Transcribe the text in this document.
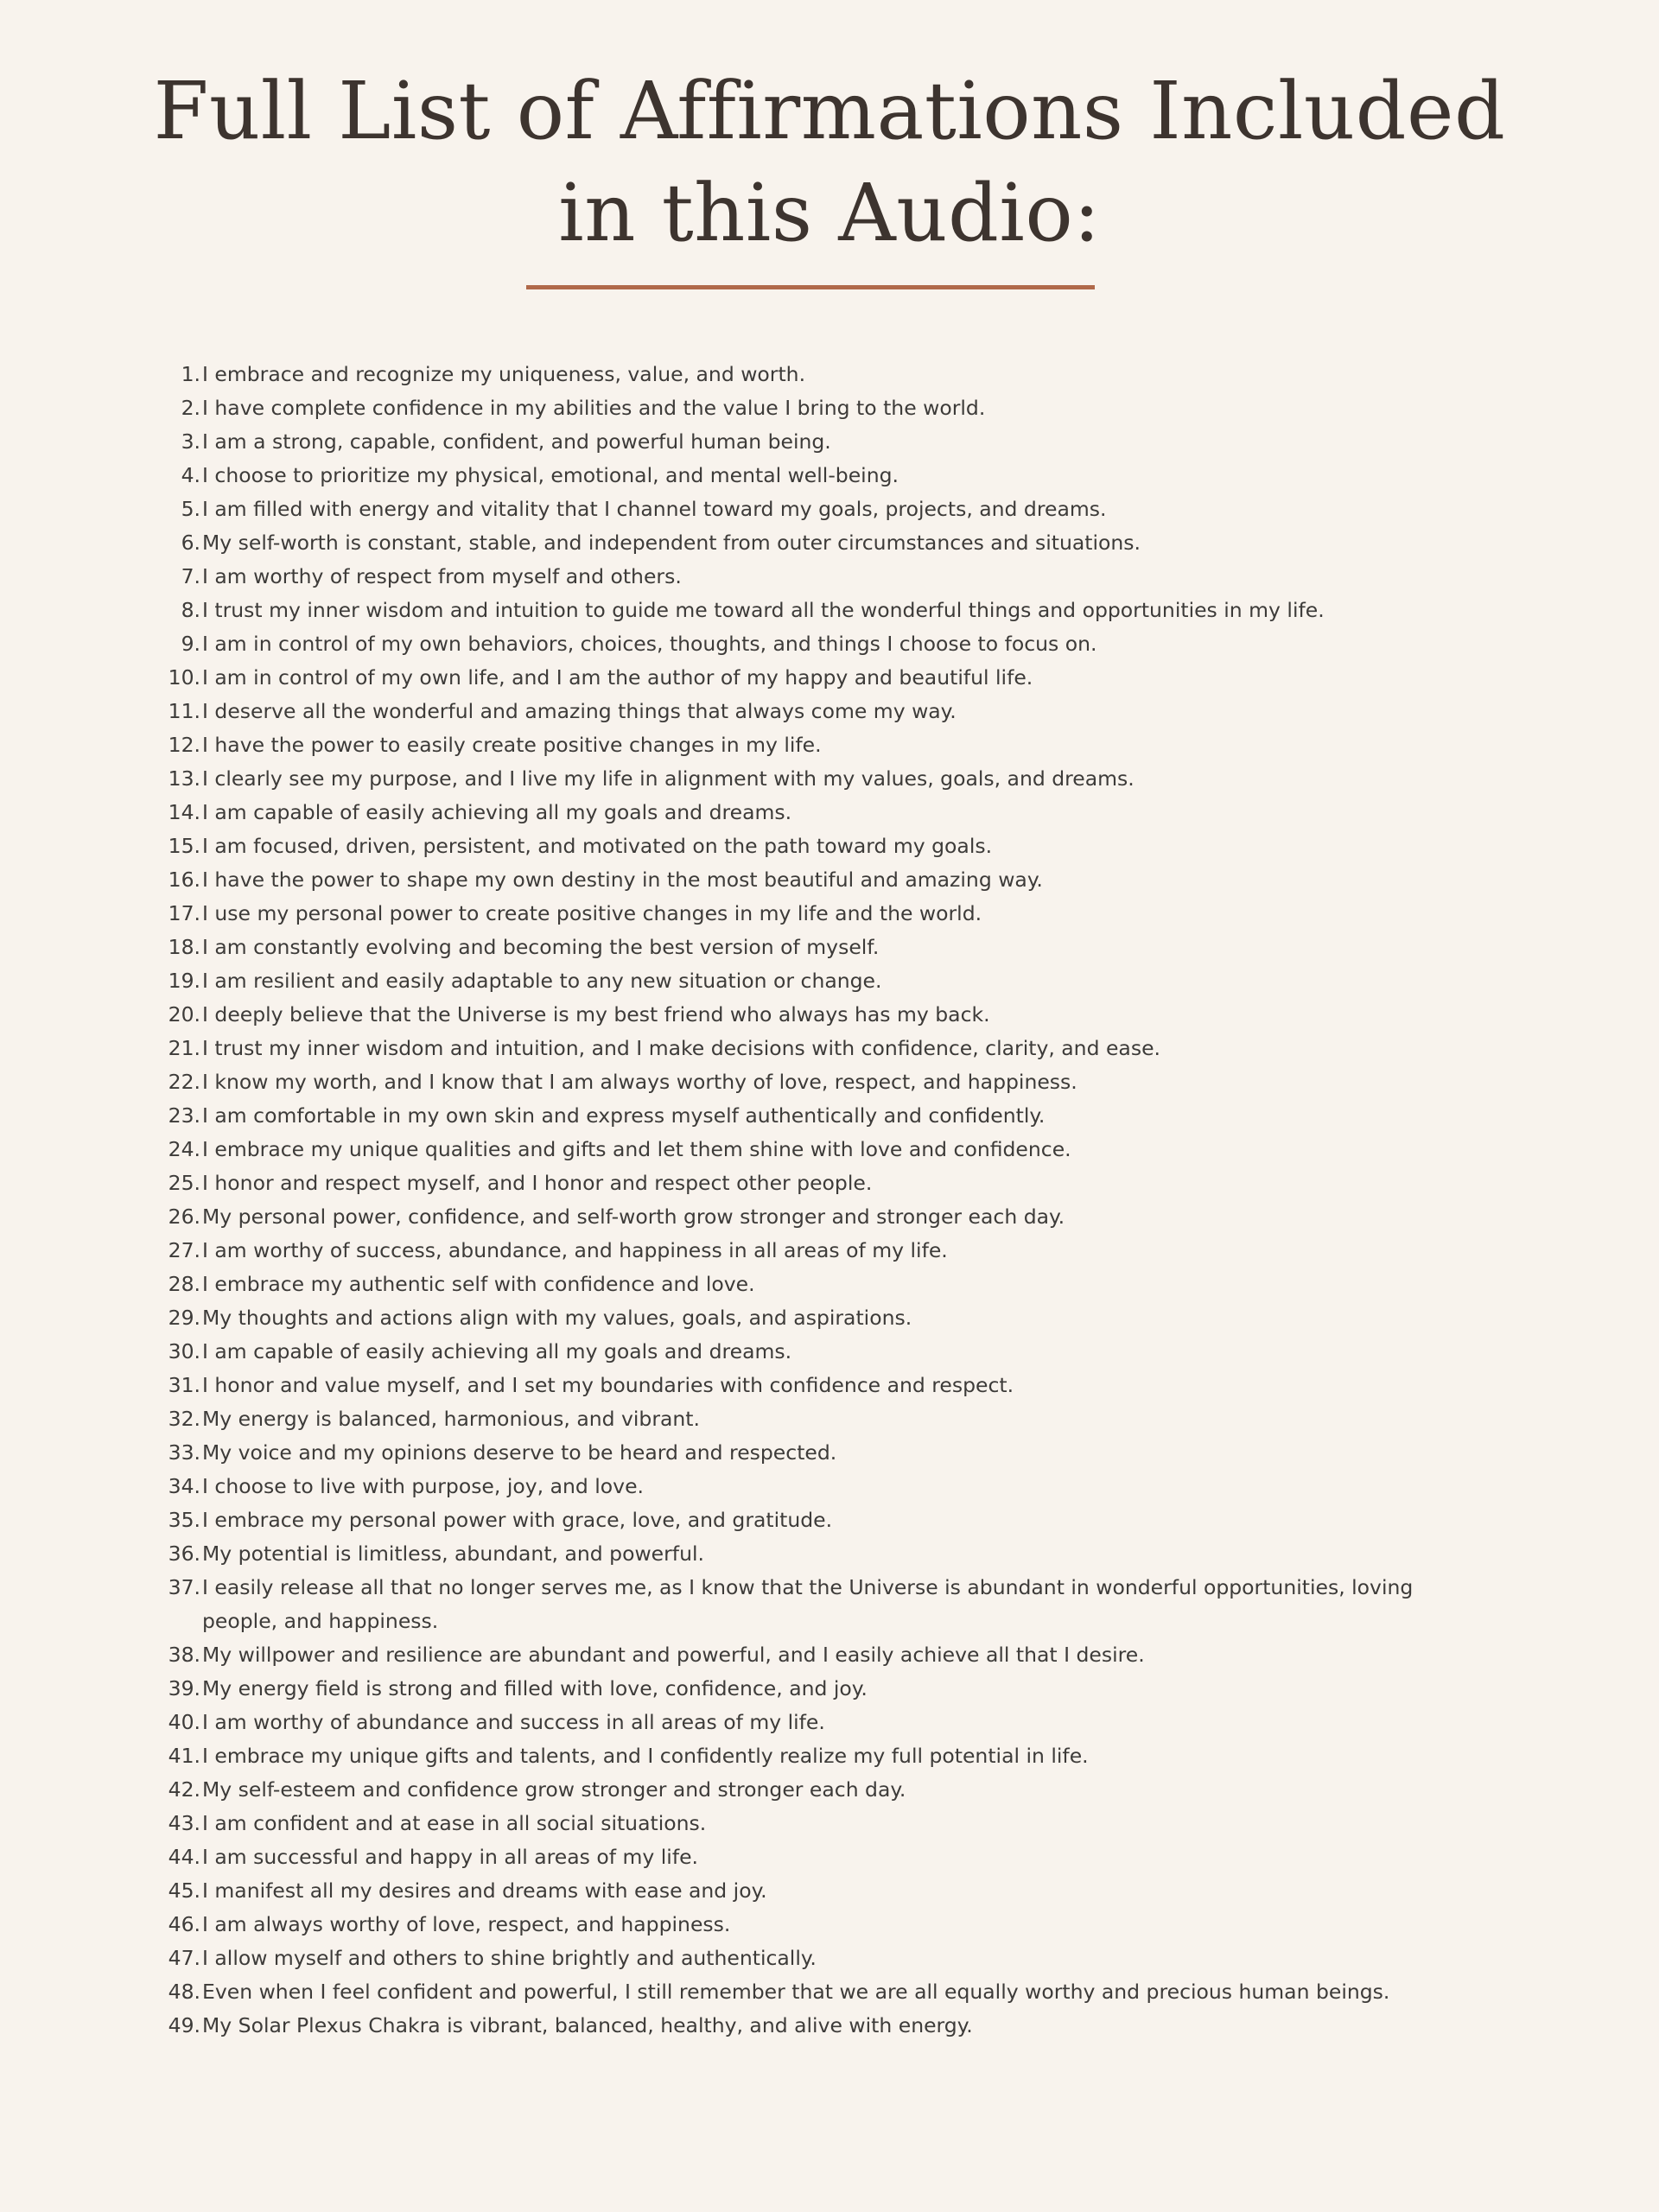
Full List of Affirmations Included
in this Audio:
1. I embrace and recognize my uniqueness, value, and worth.
2. I have complete confidence in my abilities and the value I bring to the world.
3. I am a strong, capable, confident, and powerful human being.
4. I choose to prioritize my physical, emotional, and mental well-being.
5. I am filled with energy and vitality that I channel toward my goals, projects, and dreams.
6. My self-worth is constant, stable, and independent from outer circumstances and situations.
7. I am worthy of respect from myself and others.
8. I trust my inner wisdom and intuition to guide me toward all the wonderful things and opportunities in my life.
9. I am in control of my own behaviors, choices, thoughts, and things I choose to focus on.
10. I am in control of my own life, and I am the author of my happy and beautiful life.
11. I deserve all the wonderful and amazing things that always come my way.
12. I have the power to easily create positive changes in my life.
13. I clearly see my purpose, and I live my life in alignment with my values, goals, and dreams.
14. I am capable of easily achieving all my goals and dreams.
15. I am focused, driven, persistent, and motivated on the path toward my goals.
16. I have the power to shape my own destiny in the most beautiful and amazing way.
17. I use my personal power to create positive changes in my life and the world.
18. I am constantly evolving and becoming the best version of myself.
19. I am resilient and easily adaptable to any new situation or change.
20. I deeply believe that the Universe is my best friend who always has my back.
21. I trust my inner wisdom and intuition, and I make decisions with confidence, clarity, and ease.
22. I know my worth, and I know that I am always worthy of love, respect, and happiness.
23. I am comfortable in my own skin and express myself authentically and confidently.
24. I embrace my unique qualities and gifts and let them shine with love and confidence.
25. I honor and respect myself, and I honor and respect other people.
26. My personal power, confidence, and self-worth grow stronger and stronger each day.
27. I am worthy of success, abundance, and happiness in all areas of my life.
28. I embrace my authentic self with confidence and love.
29. My thoughts and actions align with my values, goals, and aspirations.
30. I am capable of easily achieving all my goals and dreams.
31. I honor and value myself, and I set my boundaries with confidence and respect.
32. My energy is balanced, harmonious, and vibrant.
33. My voice and my opinions deserve to be heard and respected.
34. I choose to live with purpose, joy, and love.
35. I embrace my personal power with grace, love, and gratitude.
36. My potential is limitless, abundant, and powerful.
37. I easily release all that no longer serves me, as I know that the Universe is abundant in wonderful opportunities, loving people, and happiness.
38. My willpower and resilience are abundant and powerful, and I easily achieve all that I desire.
39. My energy field is strong and filled with love, confidence, and joy.
40. I am worthy of abundance and success in all areas of my life.
41. I embrace my unique gifts and talents, and I confidently realize my full potential in life.
42. My self-esteem and confidence grow stronger and stronger each day.
43. I am confident and at ease in all social situations.
44. I am successful and happy in all areas of my life.
45. I manifest all my desires and dreams with ease and joy.
46. I am always worthy of love, respect, and happiness.
47. I allow myself and others to shine brightly and authentically.
48. Even when I feel confident and powerful, I still remember that we are all equally worthy and precious human beings.
49. My Solar Plexus Chakra is vibrant, balanced, healthy, and alive with energy.
